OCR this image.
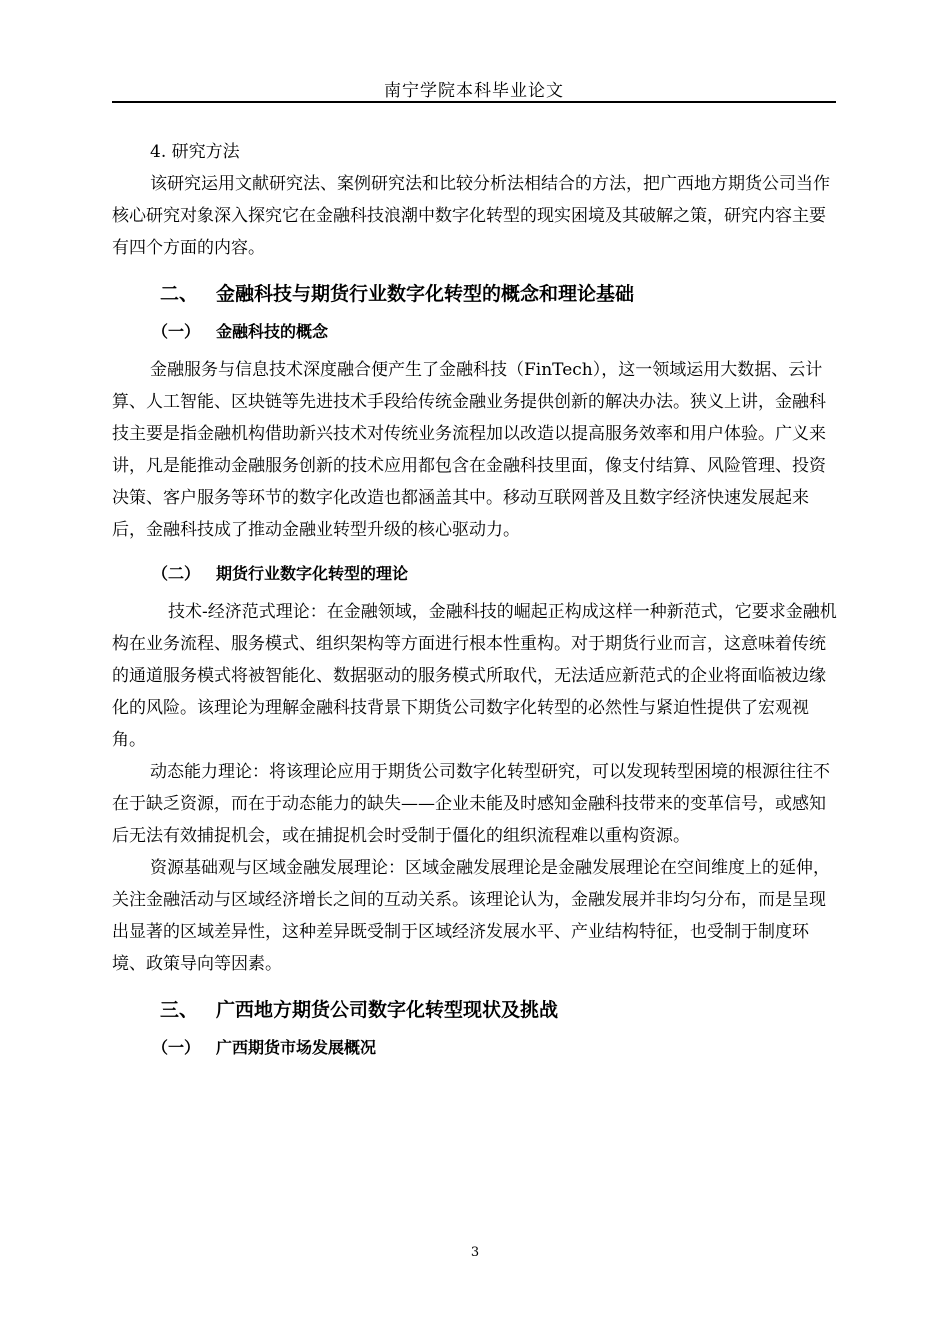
南宁学院本科毕业论文

4. 研究方法

该研究运用文献研究法、案例研究法和比较分析法相结合的方法，把广西地方期货公司当作核心研究对象深入探究它在金融科技浪潮中数字化转型的现实困境及其破解之策，研究内容主要有四个方面的内容。

二、 金融科技与期货行业数字化转型的概念和理论基础
（一） 金融科技的概念

金融服务与信息技术深度融合便产生了金融科技（FinTech），这一领域运用大数据、云计算、人工智能、区块链等先进技术手段给传统金融业务提供创新的解决办法。狭义上讲，金融科技主要是指金融机构借助新兴技术对传统业务流程加以改造以提高服务效率和用户体验。广义来讲，凡是能推动金融服务创新的技术应用都包含在金融科技里面，像支付结算、风险管理、投资决策、客户服务等环节的数字化改造也都涵盖其中。移动互联网普及且数字经济快速发展起来后，金融科技成了推动金融业转型升级的核心驱动力。

（二） 期货行业数字化转型的理论

技术-经济范式理论：在金融领域，金融科技的崛起正构成这样一种新范式，它要求金融机构在业务流程、服务模式、组织架构等方面进行根本性重构。对于期货行业而言，这意味着传统的通道服务模式将被智能化、数据驱动的服务模式所取代，无法适应新范式的企业将面临被边缘化的风险。该理论为理解金融科技背景下期货公司数字化转型的必然性与紧迫性提供了宏观视角。

动态能力理论：将该理论应用于期货公司数字化转型研究，可以发现转型困境的根源往往不在于缺乏资源，而在于动态能力的缺失——企业未能及时感知金融科技带来的变革信号，或感知后无法有效捕捉机会，或在捕捉机会时受制于僵化的组织流程难以重构资源。

资源基础观与区域金融发展理论：区域金融发展理论是金融发展理论在空间维度上的延伸，关注金融活动与区域经济增长之间的互动关系。该理论认为，金融发展并非均匀分布，而是呈现出显著的区域差异性，这种差异既受制于区域经济发展水平、产业结构特征，也受制于制度环境、政策导向等因素。

三、 广西地方期货公司数字化转型现状及挑战
（一） 广西期货市场发展概况
3
